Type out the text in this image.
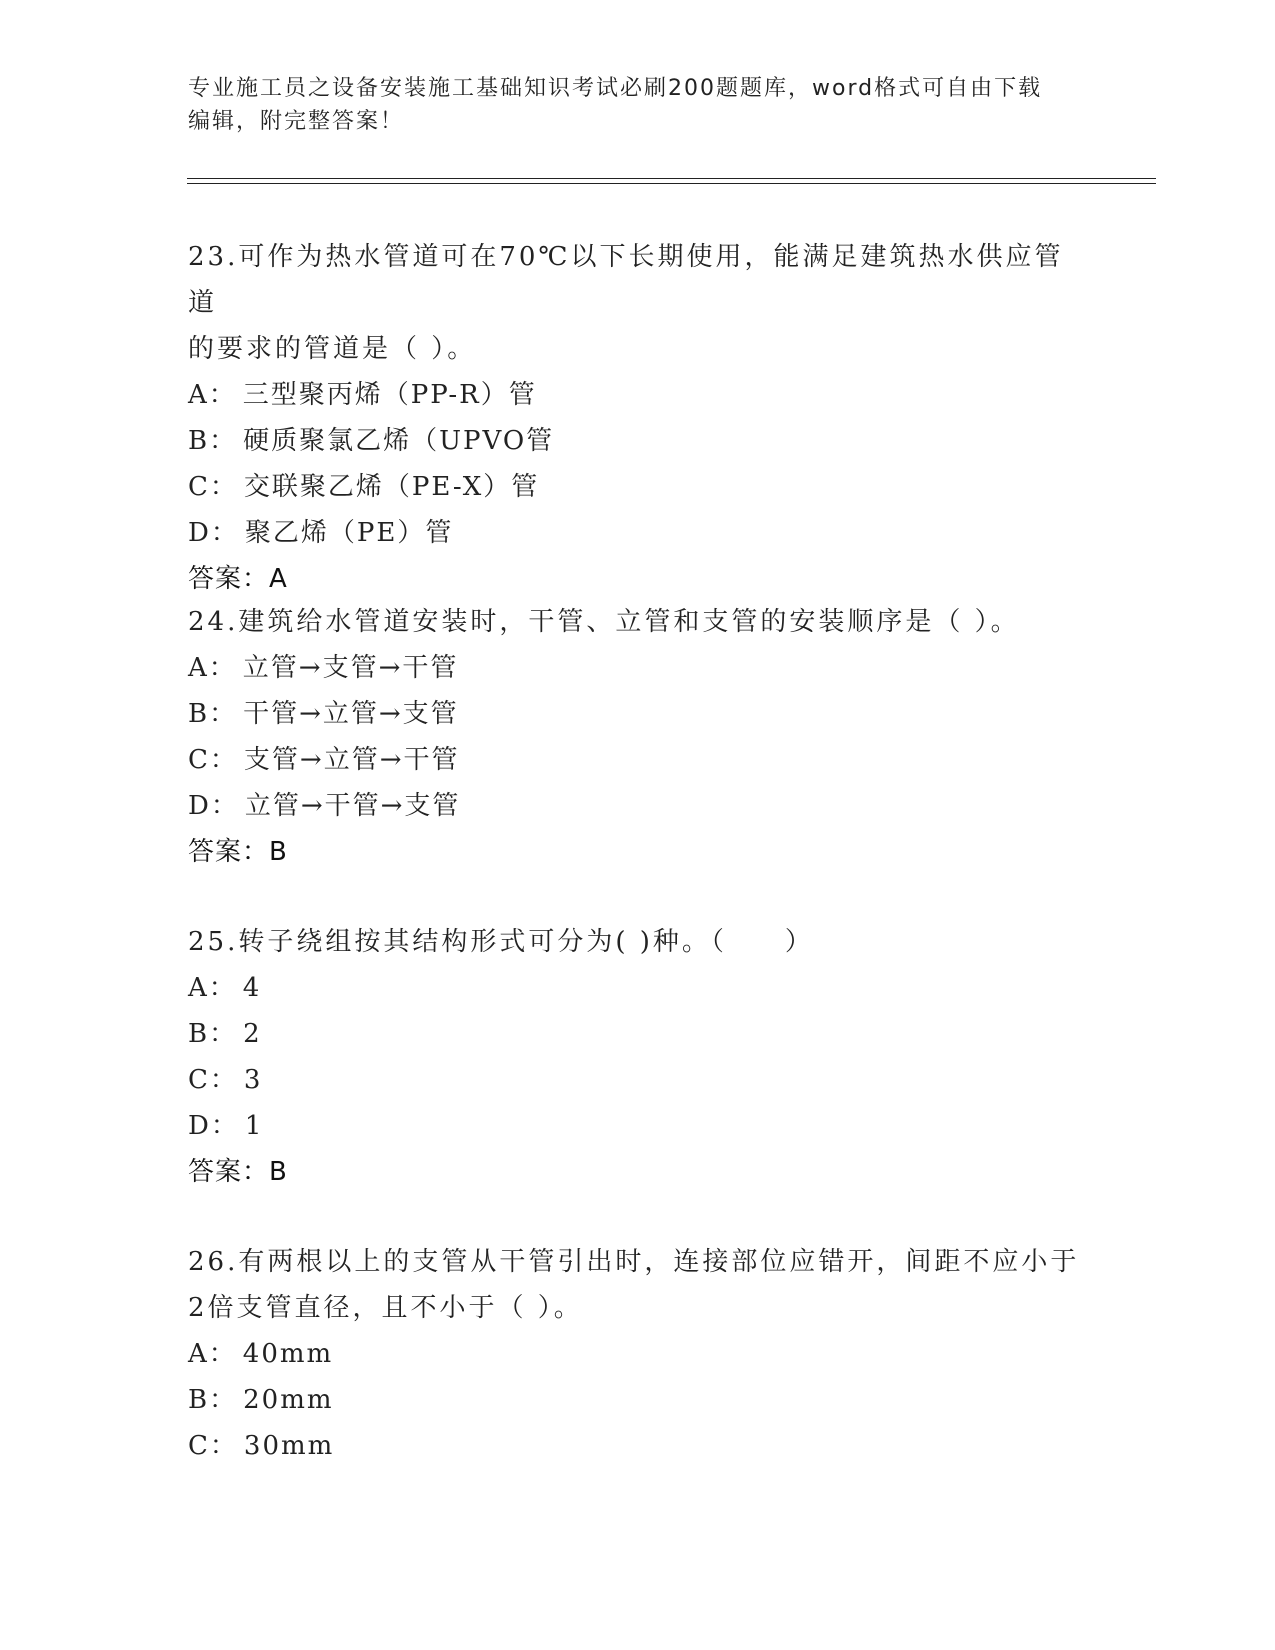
专业施工员之设备安装施工基础知识考试必刷200题题库，word格式可自由下载
编辑，附完整答案！

23.可作为热水管道可在70℃以下长期使用，能满足建筑热水供应管道

的要求的管道是（ ）。

A： 三型聚丙烯（PP-R）管

B： 硬质聚氯乙烯（UPVO管

C： 交联聚乙烯（PE-X）管

D： 聚乙烯（PE）管

答案：A

24.建筑给水管道安装时，干管、立管和支管的安装顺序是（ ）。

A： 立管→支管→干管

B： 干管→立管→支管

C： 支管→立管→干管

D： 立管→干管→支管

答案：B

25.转子绕组按其结构形式可分为( )种。（　　）

A： 4

B： 2

C： 3

D： 1

答案：B

26.有两根以上的支管从干管引出时，连接部位应错开，间距不应小于

2倍支管直径，且不小于（ ）。

A： 40mm

B： 20mm

C： 30mm
